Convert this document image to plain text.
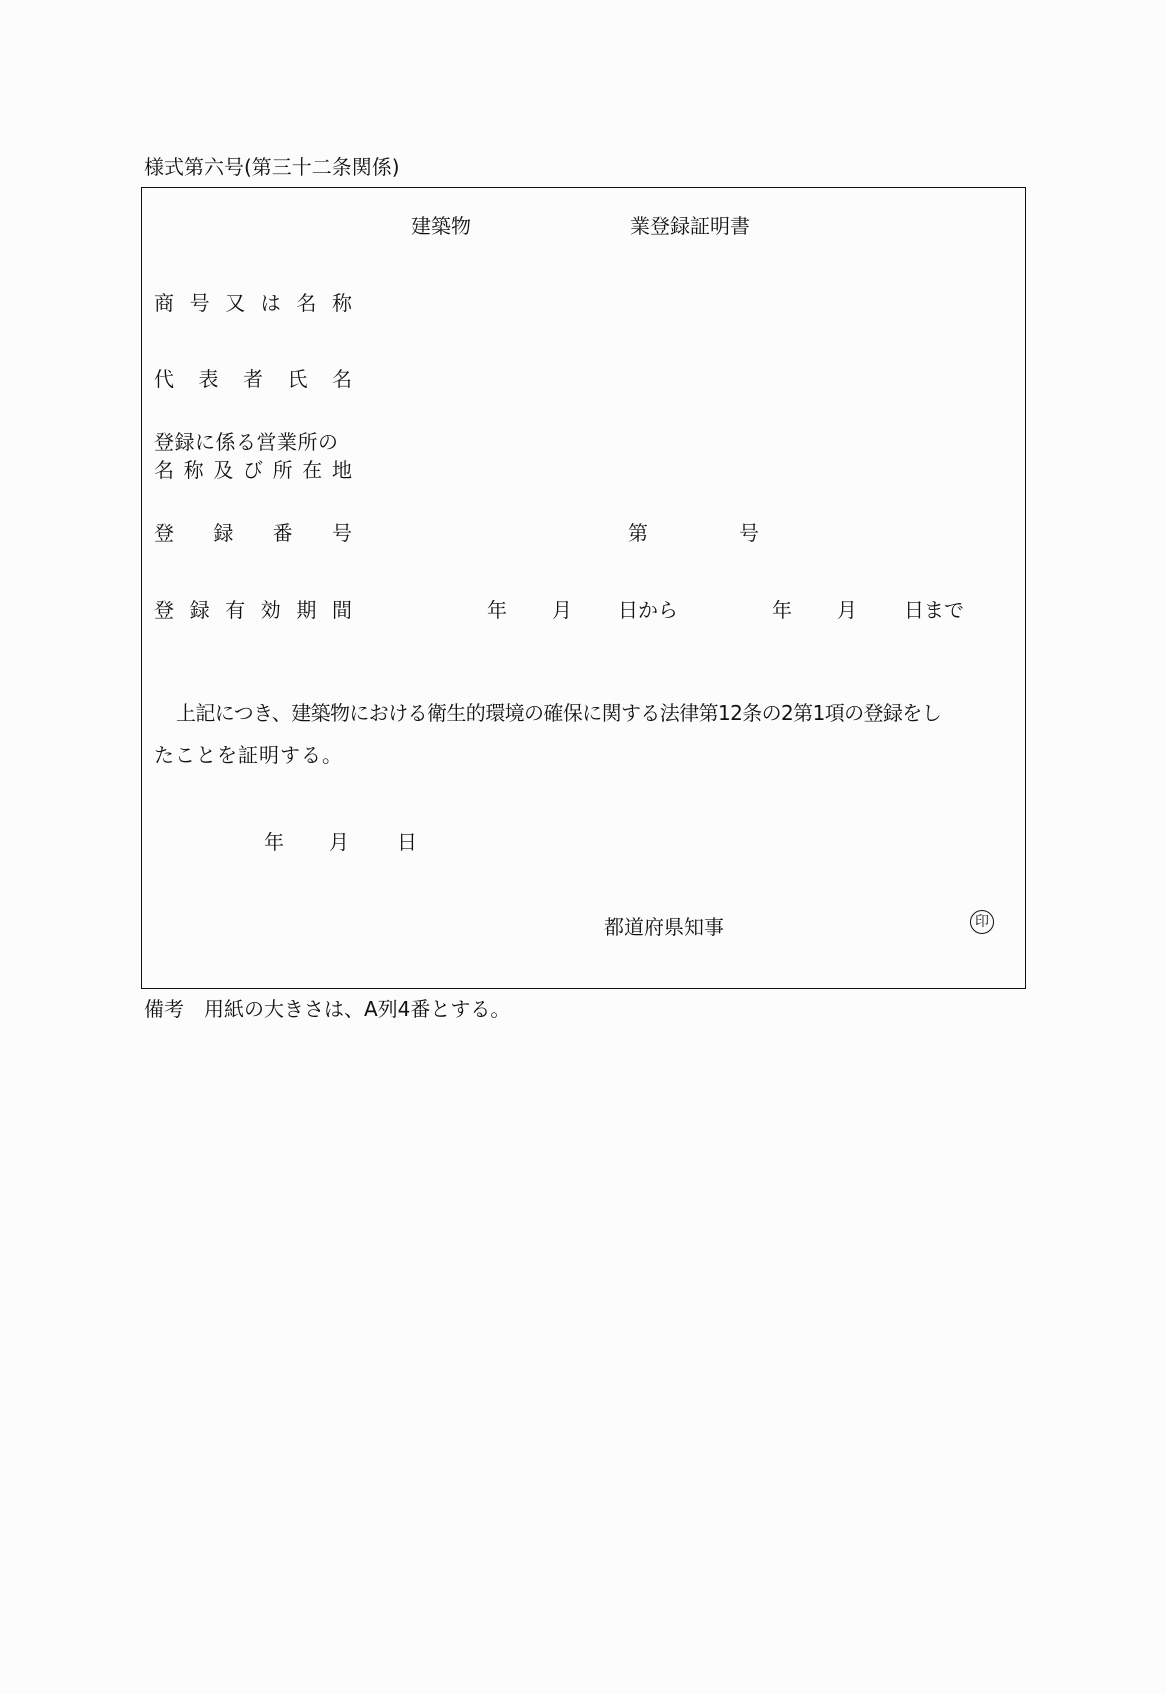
様式第六号(第三十二条関係)
建築物	業登録証明書
商 号 又 は 名 称
代 表 者 氏 名
登録に係る営業所の
名 称 及 び 所 在 地
登 録 番 号	第	号
登 録 有 効 期 間	年 月 日から	年 月 日まで
上記につき、建築物における衛生的環境の確保に関する法律第12条の2第1項の登録をし
たことを証明する。
年 月 日
都道府県知事	印
備考　用紙の大きさは、A列4番とする。
